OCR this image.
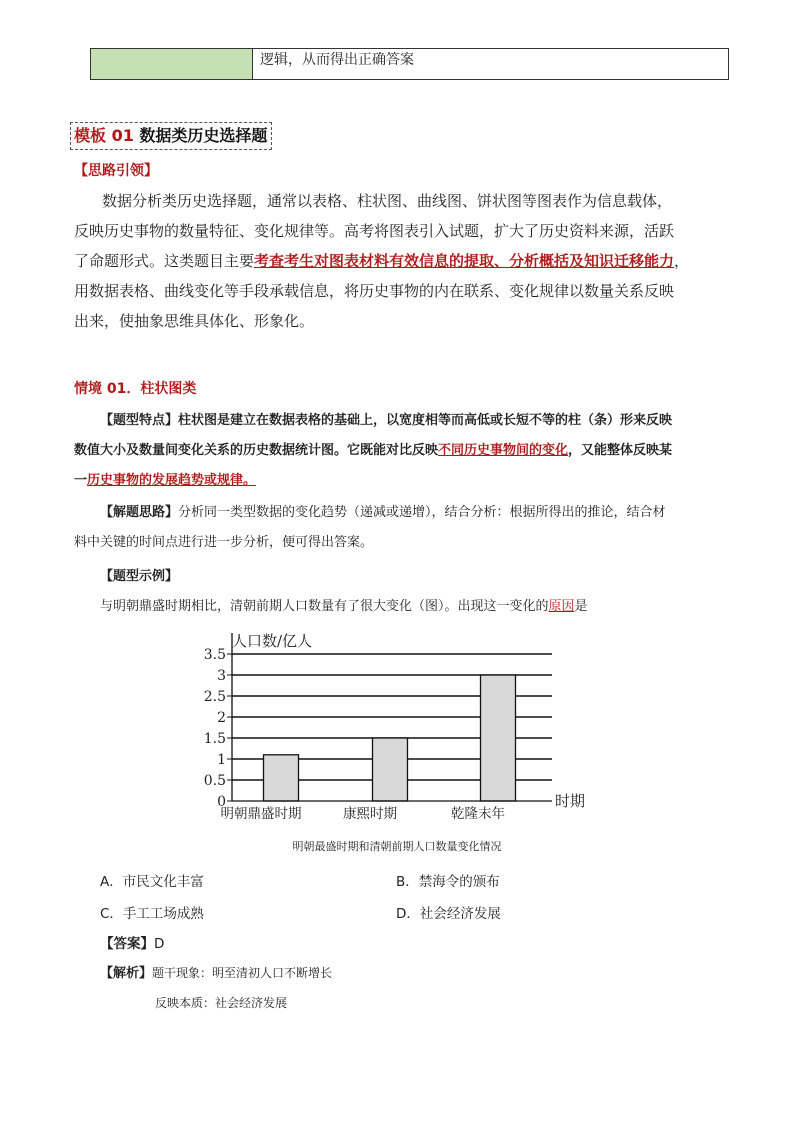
逻辑，从而得出正确答案
模板 01 数据类历史选择题
【思路引领】
数据分析类历史选择题，通常以表格、柱状图、曲线图、饼状图等图表作为信息载体，
反映历史事物的数量特征、变化规律等。高考将图表引入试题，扩大了历史资料来源，活跃
了命题形式。这类题目主要考查考生对图表材料有效信息的提取、分析概括及知识迁移能力，
用数据表格、曲线变化等手段承载信息，将历史事物的内在联系、变化规律以数量关系反映
出来，使抽象思维具体化、形象化。
情境 01．柱状图类
【题型特点】柱状图是建立在数据表格的基础上，以宽度相等而高低或长短不等的柱（条）形来反映
数值大小及数量间变化关系的历史数据统计图。它既能对比反映不同历史事物间的变化，又能整体反映某
一历史事物的发展趋势或规律。
【解题思路】分析同一类型数据的变化趋势（递减或递增），结合分析：根据所得出的推论，结合材
料中关键的时间点进行进一步分析，便可得出答案。
【题型示例】
与明朝鼎盛时期相比，清朝前期人口数量有了很大变化（图）。出现这一变化的原因是
0
0.5
1
1.5
2
2.5
3
3.5
明朝鼎盛时期	康熙时期	乾隆末年
人口数/亿人
时期
明朝最盛时期和清朝前期人口数量变化情况
A．市民文化丰富	B．禁海令的颁布
C．手工工场成熟	D．社会经济发展
【答案】D
【解析】题干现象：明至清初人口不断增长
反映本质：社会经济发展
